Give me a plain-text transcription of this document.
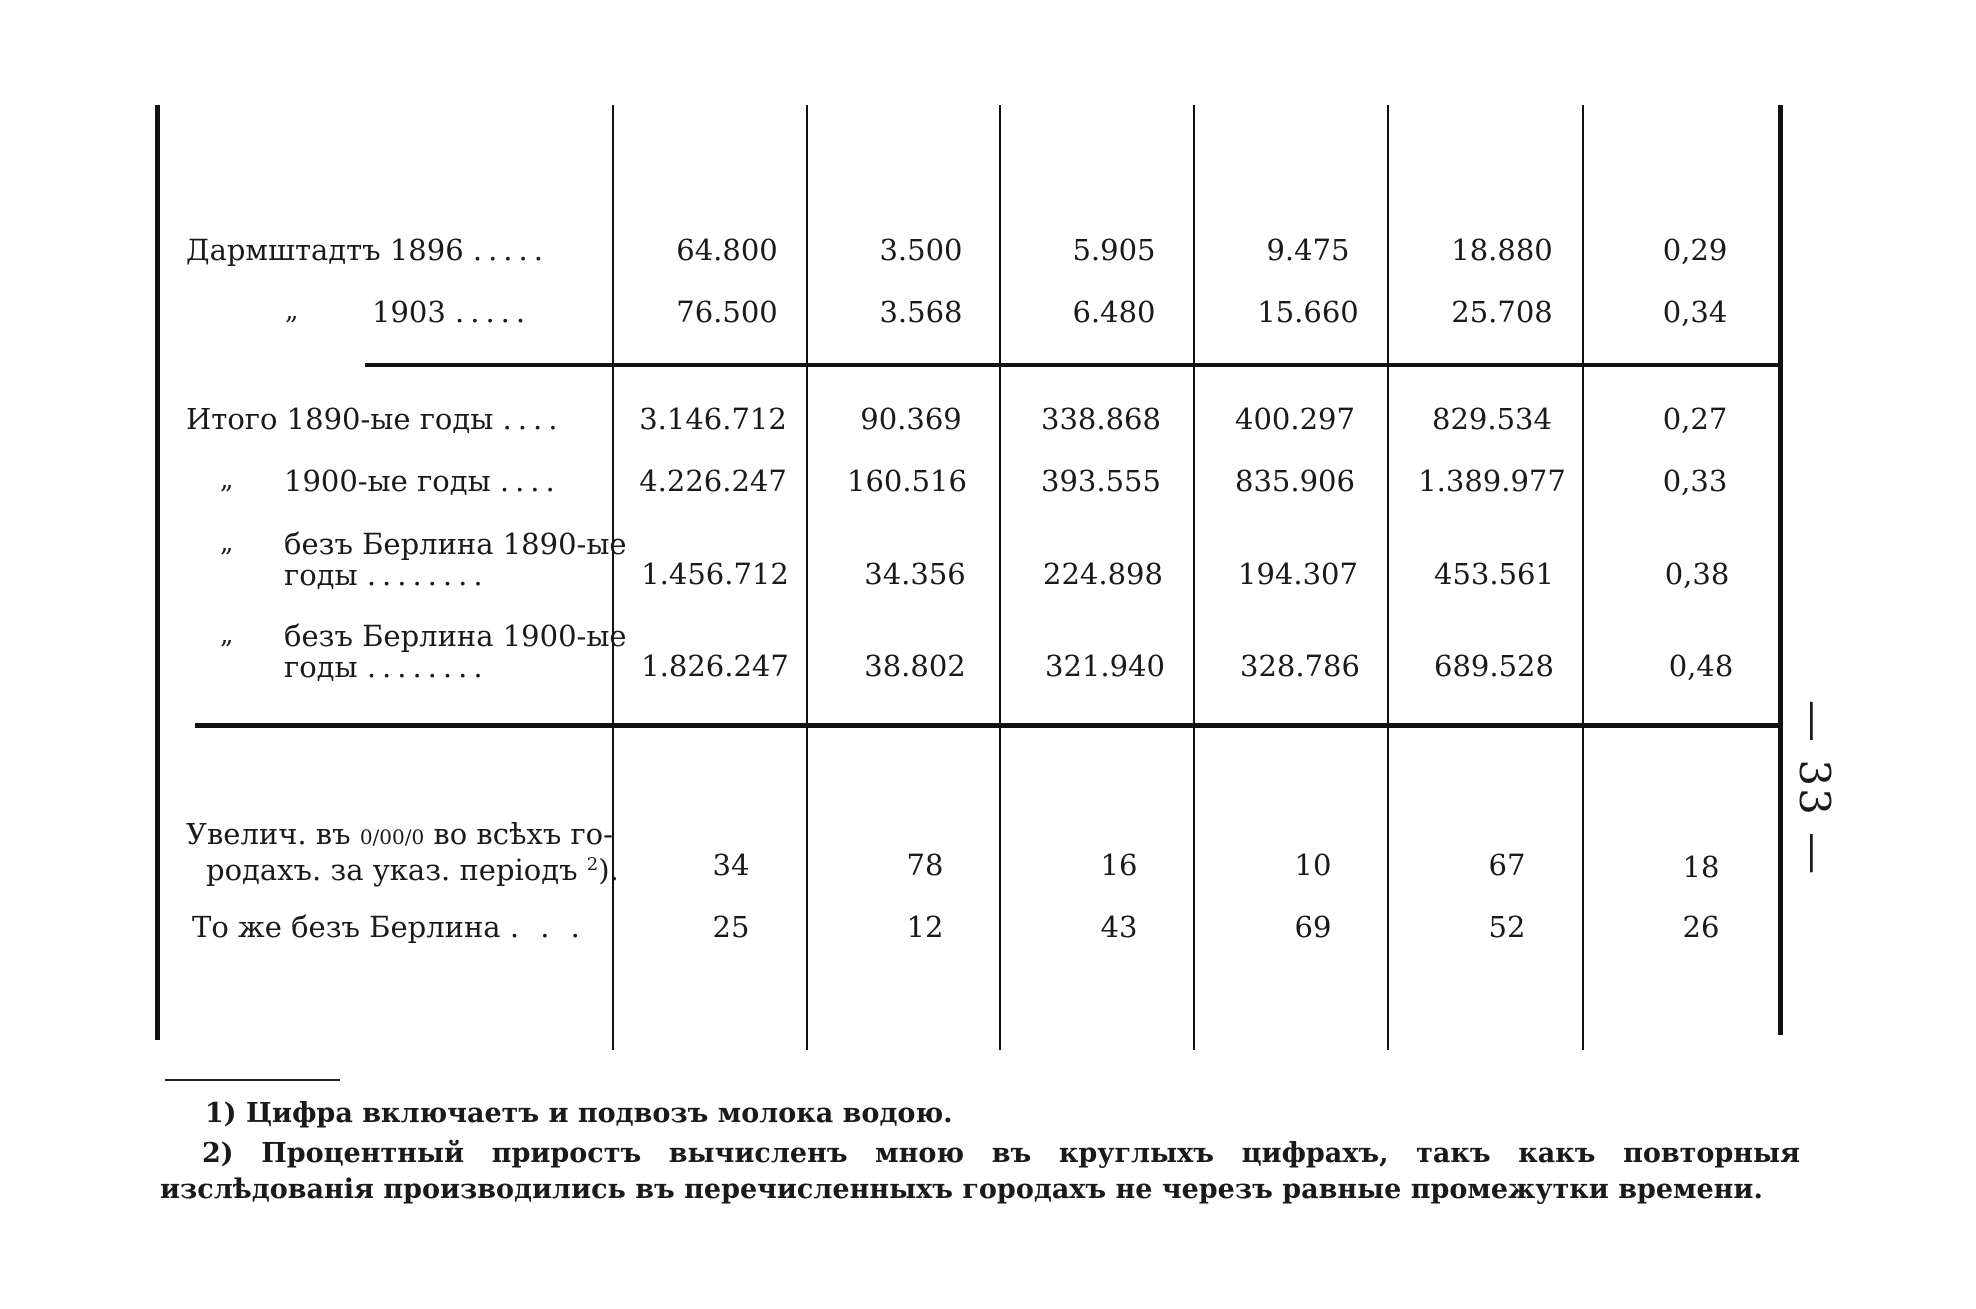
Дармштадтъ 1896 .....	64.800	3.500	5.905	9.475	18.880	0,29
„	1903 .....	76.500	3.568	6.480	15.660	25.708	0,34
Итого 1890-ые годы ....	3.146.712	90.369	338.868	400.297	829.534	0,27
„ 1900-ые годы ....	4.226.247	160.516	393.555	835.906	1.389.977	0,33
„ безъ Берлина 1890-ые
годы ........	1.456.712	34.356	224.898	194.307	453.561	0,38
„ безъ Берлина 1900-ые
годы ........	1.826.247	38.802	321.940	328.786	689.528	0,48
Увелич. въ 0/00/0 во всѣхъ го-
родахъ. за указ. періодъ $^2$).	34	78	16	10	67	18
То же безъ Берлина . . .	25	12	43	69	52	26
— 33 —
1) Цифра включаетъ и подвозъ молока водою.
2) Процентный приростъ вычисленъ мною въ круглыхъ цифрахъ, такъ какъ повторныя изслѣдованія производились въ перечисленныхъ городахъ не черезъ равные промежутки времени.
